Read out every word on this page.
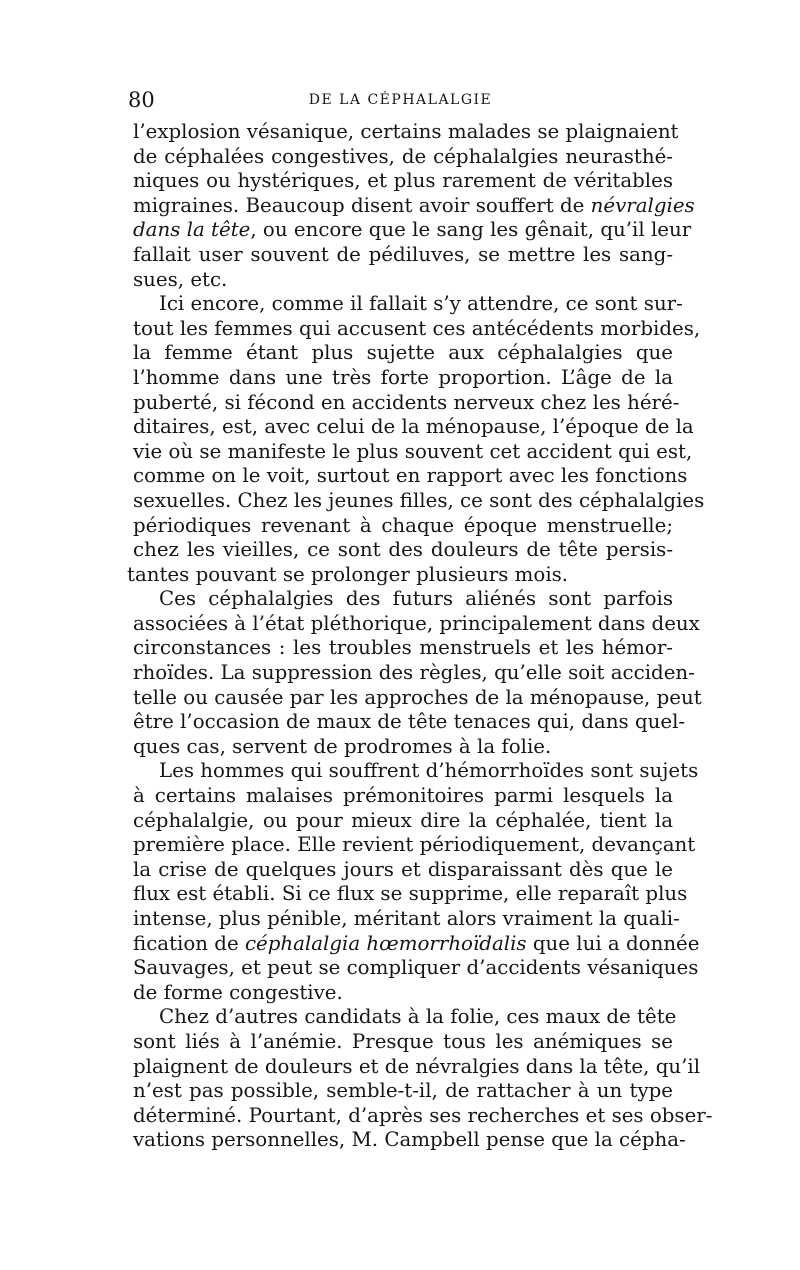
80	DE LA CÉPHALALGIE
l’explosion vésanique, certains malades se plaignaient
de céphalées congestives, de céphalalgies neurasthé-
niques ou hystériques, et plus rarement de véritables
migraines. Beaucoup disent avoir souffert de névralgies
dans la tête, ou encore que le sang les gênait, qu’il leur
fallait user souvent de pédiluves, se mettre les sang-
sues, etc.
Ici encore, comme il fallait s’y attendre, ce sont sur-
tout les femmes qui accusent ces antécédents morbides,
la femme étant plus sujette aux céphalalgies que
l’homme dans une très forte proportion. L’âge de la
puberté, si fécond en accidents nerveux chez les héré-
ditaires, est, avec celui de la ménopause, l’époque de la
vie où se manifeste le plus souvent cet accident qui est,
comme on le voit, surtout en rapport avec les fonctions
sexuelles. Chez les jeunes filles, ce sont des céphalalgies
périodiques revenant à chaque époque menstruelle;
chez les vieilles, ce sont des douleurs de tête persis-
tantes pouvant se prolonger plusieurs mois.
Ces céphalalgies des futurs aliénés sont parfois
associées à l’état pléthorique, principalement dans deux
circonstances : les troubles menstruels et les hémor-
rhoïdes. La suppression des règles, qu’elle soit acciden-
telle ou causée par les approches de la ménopause, peut
être l’occasion de maux de tête tenaces qui, dans quel-
ques cas, servent de prodromes à la folie.
Les hommes qui souffrent d’hémorrhoïdes sont sujets
à certains malaises prémonitoires parmi lesquels la
céphalalgie, ou pour mieux dire la céphalée, tient la
première place. Elle revient périodiquement, devançant
la crise de quelques jours et disparaissant dès que le
flux est établi. Si ce flux se supprime, elle reparaît plus
intense, plus pénible, méritant alors vraiment la quali-
fication de céphalalgia hœmorrhoïdalis que lui a donnée
Sauvages, et peut se compliquer d’accidents vésaniques
de forme congestive.
Chez d’autres candidats à la folie, ces maux de tête
sont liés à l’anémie. Presque tous les anémiques se
plaignent de douleurs et de névralgies dans la tête, qu’il
n’est pas possible, semble-t-il, de rattacher à un type
déterminé. Pourtant, d’après ses recherches et ses obser-
vations personnelles, M. Campbell pense que la cépha-
